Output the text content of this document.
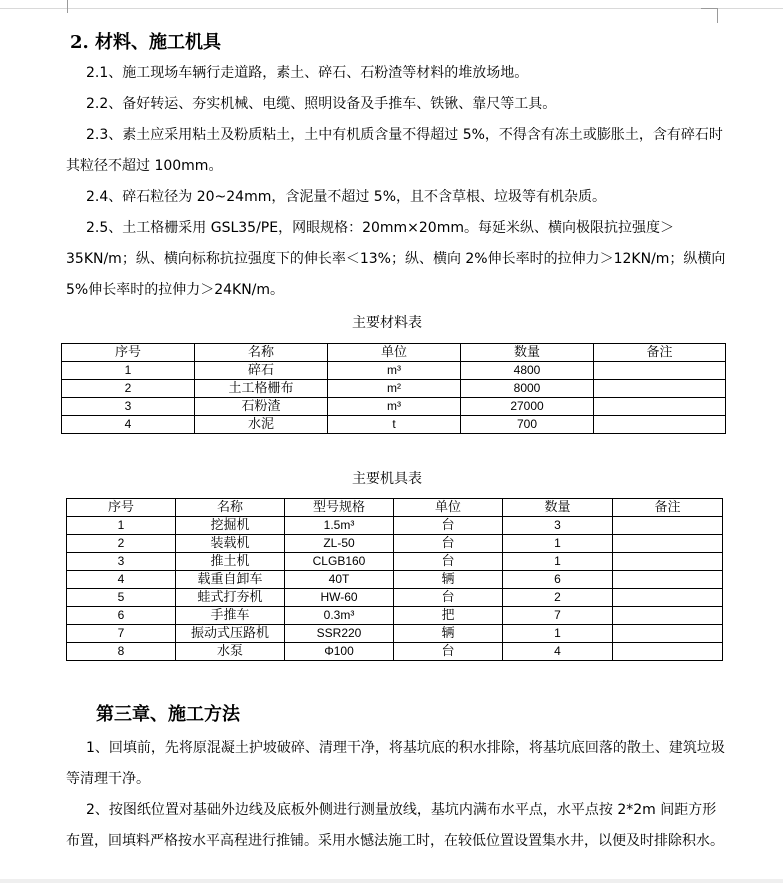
2. 材料、施工机具
2.1、施工现场车辆行走道路，素土、碎石、石粉渣等材料的堆放场地。
2.2、备好转运、夯实机械、电缆、照明设备及手推车、铁锹、靠尺等工具。
2.3、素土应采用粘土及粉质粘土，土中有机质含量不得超过 5%，不得含有冻土或膨胀土，含有碎石时其粒径不超过 100mm。
2.4、碎石粒径为 20~24mm，含泥量不超过 5%，且不含草根、垃圾等有机杂质。
2.5、土工格栅采用 GSL35/PE，网眼规格：20mm×20mm。每延米纵、横向极限抗拉强度＞35KN/m；纵、横向标称抗拉强度下的伸长率＜13%；纵、横向 2%伸长率时的拉伸力＞12KN/m；纵横向 5%伸长率时的拉伸力＞24KN/m。
主要材料表
序号	名称	单位	数量	备注
1	碎石	m³	4800	
2	土工格栅布	m²	8000	
3	石粉渣	m³	27000	
4	水泥	t	700	
主要机具表
序号	名称	型号规格	单位	数量	备注
1	挖掘机	1.5m³	台	3	
2	装载机	ZL-50	台	1	
3	推土机	CLGB160	台	1	
4	载重自卸车	40T	辆	6	
5	蛙式打夯机	HW-60	台	2	
6	手推车	0.3m³	把	7	
7	振动式压路机	SSR220	辆	1	
8	水泵	Φ100	台	4	
第三章、施工方法
1、回填前，先将原混凝土护坡破碎、清理干净，将基坑底的积水排除，将基坑底回落的散土、建筑垃圾等清理干净。
2、按图纸位置对基础外边线及底板外侧进行测量放线，基坑内满布水平点，水平点按 2*2m 间距方形布置，回填料严格按水平高程进行推铺。采用水憾法施工时，在较低位置设置集水井，以便及时排除积水。
